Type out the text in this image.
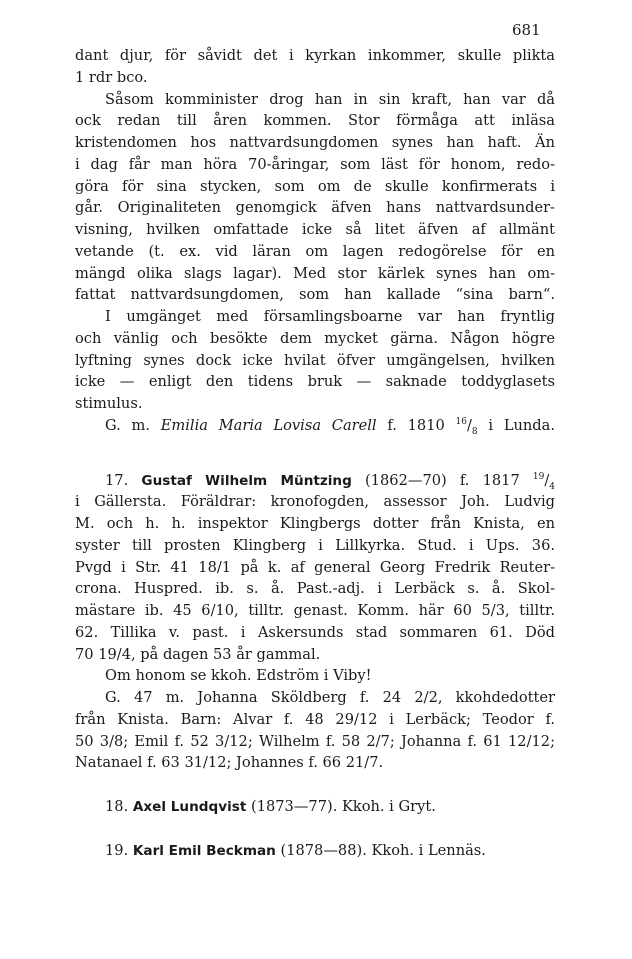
681
dant djur, för såvidt det i kyrkan inkommer, skulle plikta
1 rdr bco.
Såsom komminister drog han in sin kraft, han var då
ock redan till åren kommen. Stor förmåga att inläsa
kristendomen hos nattvardsungdomen synes han haft. Än
i dag får man höra 70-åringar, som läst för honom, redo-
göra för sina stycken, som om de skulle konfirmerats i
går. Originaliteten genomgick äfven hans nattvardsunder-
visning, hvilken omfattade icke så litet äfven af allmänt
vetande (t. ex. vid läran om lagen redogörelse för en
mängd olika slags lagar). Med stor kärlek synes han om-
fattat nattvardsungdomen, som han kallade “sina barn“.
I umgänget med församlingsboarne var han fryntlig
och vänlig och besökte dem mycket gärna. Någon högre
lyftning synes dock icke hvilat öfver umgängelsen, hvilken
icke — enligt den tidens bruk — saknade toddyglasets
stimulus.
G. m. Emilia Maria Lovisa Carell f. 1810 $^{16}/_8$ i Lunda.
17. Gustaf Wilhelm Müntzing (1862—70) f. 1817 $^{19}/_4$
i Gällersta. Föräldrar: kronofogden, assessor Joh. Ludvig
M. och h. h. inspektor Klingbergs dotter från Knista, en
syster till prosten Klingberg i Lillkyrka. Stud. i Ups. 36.
Pvgd i Str. 41 18/1 på k. af general Georg Fredrik Reuter-
crona. Huspred. ib. s. å. Past.-adj. i Lerbäck s. å. Skol-
mästare ib. 45 6/10, tilltr. genast. Komm. här 60 5/3, tilltr.
62. Tillika v. past. i Askersunds stad sommaren 61. Död
70 19/4, på dagen 53 år gammal.
Om honom se kkoh. Edström i Viby!
G. 47 m. Johanna Sköldberg f. 24 2/2, kkohdedotter
från Knista. Barn: Alvar f. 48 29/12 i Lerbäck; Teodor f.
50 3/8; Emil f. 52 3/12; Wilhelm f. 58 2/7; Johanna f. 61 12/12;
Natanael f. 63 31/12; Johannes f. 66 21/7.
18. Axel Lundqvist (1873—77). Kkoh. i Gryt.
19. Karl Emil Beckman (1878—88). Kkoh. i Lennäs.
